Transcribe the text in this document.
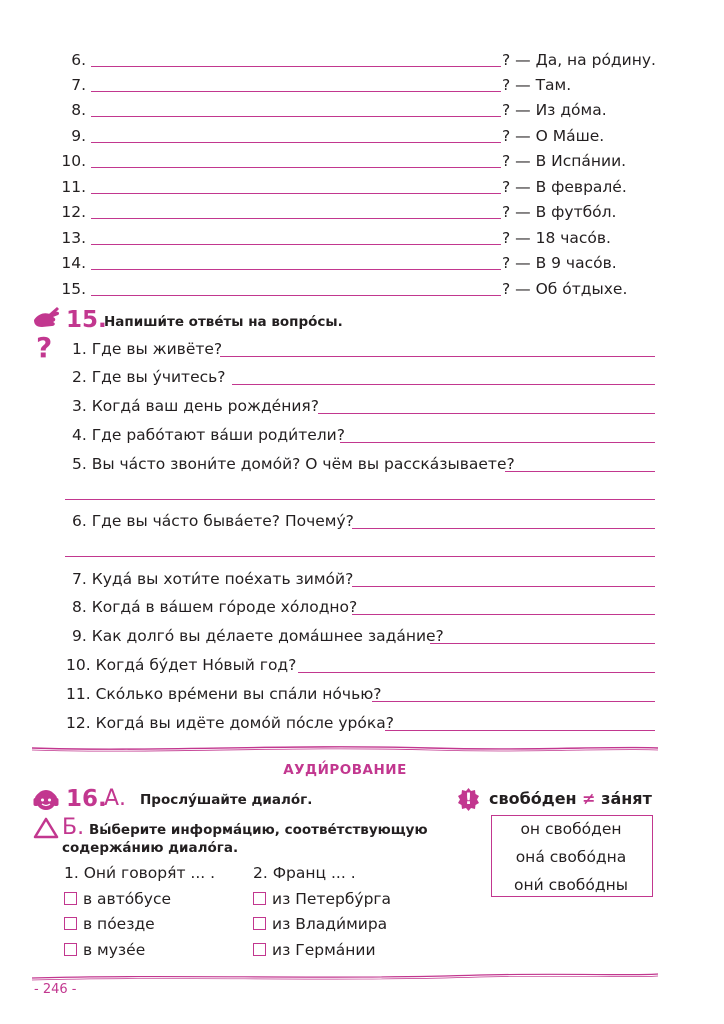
6.	? — Да, на ро́дину.
7.	? — Там.
8.	? — Из до́ма.
9.	? — О Ма́ше.
10.	? — В Испа́нии.
11.	? — В феврале́.
12.	? — В футбо́л.
13.	? — 18 часо́в.
14.	? — В 9 часо́в.
15.	? — Об о́тдыхе.
15.
Напиши́те отве́ты на вопро́сы.
? 1. Где вы живёте?
2. Где вы у́читесь?
3. Когда́ ваш день рожде́ния?
4. Где рабо́тают ва́ши роди́тели?
5. Вы ча́сто звони́те домо́й? О чём вы расска́зываете?
6. Где вы ча́сто быва́ете? Почему́?
7. Куда́ вы хоти́те пое́хать зимо́й?
8. Когда́ в ва́шем го́роде хо́лодно?
9. Как долго́ вы де́лаете дома́шнее зада́ние?
10. Когда́ бу́дет Но́вый год?
11. Ско́лько вре́мени вы спа́ли но́чью?
12. Когда́ вы идёте домо́й по́сле уро́ка?
АУДИ́РОВАНИЕ
16.
А. Прослу́шайте диало́г.
Б. Вы́берите информа́цию, соотве́тствующую
содержа́нию диало́га.
1. Они́ говоря́т ... .
в авто́бусе
в по́езде
в музе́е
2. Франц ... .
из Петербу́рга
из Влади́мира
из Герма́нии
!	свобо́ден ≠ за́нят
он свобо́ден
она́ свобо́дна
они́ свобо́дны
- 246 -
